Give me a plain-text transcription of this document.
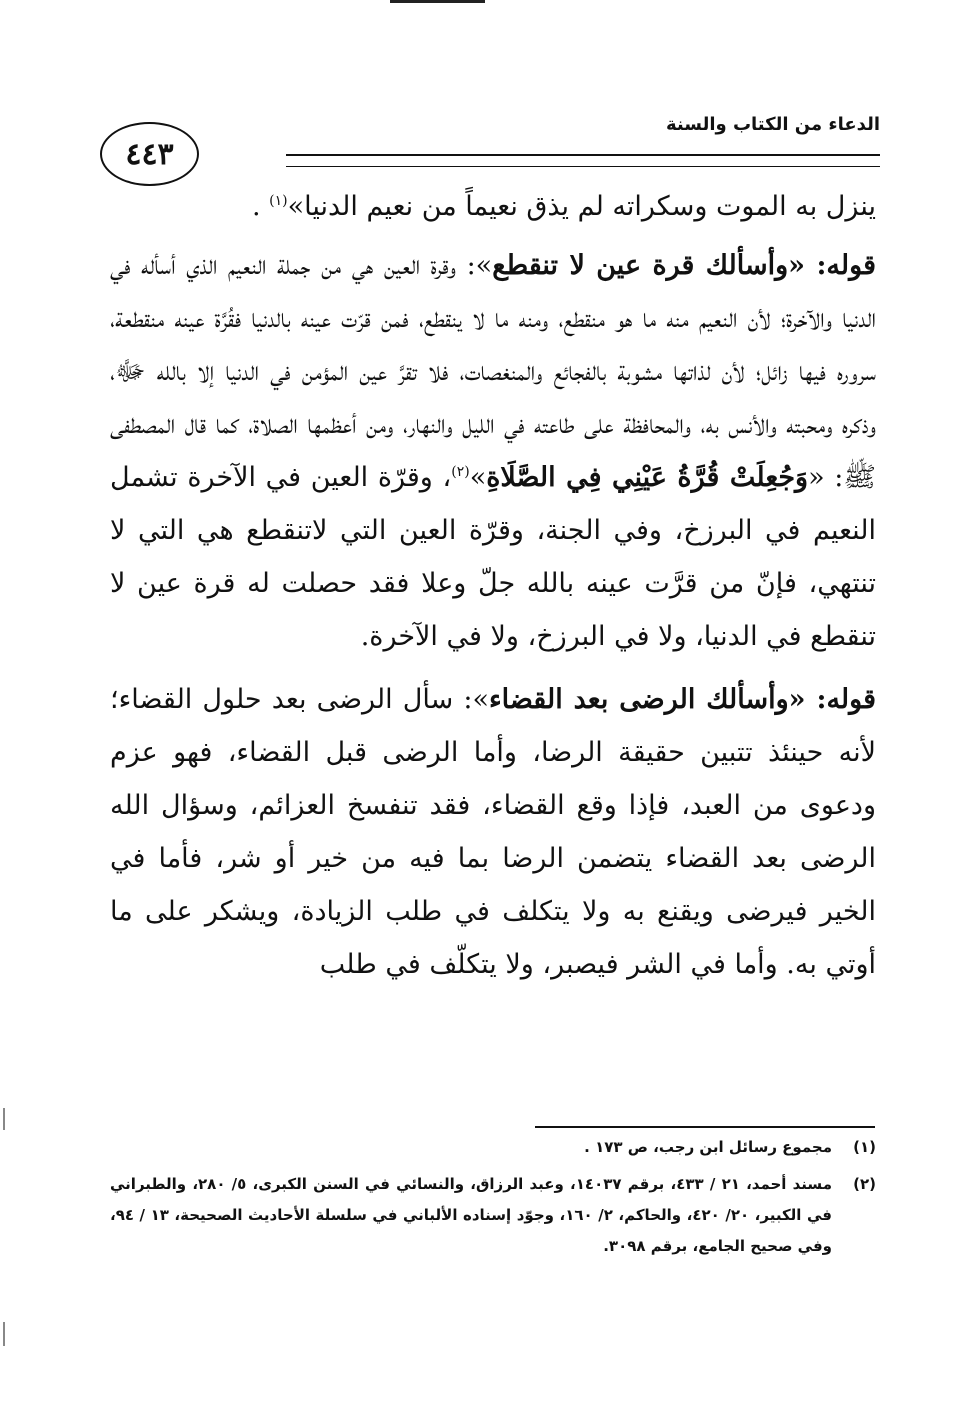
٤٤٣
الدعاء من الكتاب والسنة

ينزل به الموت وسكراته لم يذق نعيماً من نعيم الدنيا»$^{(١)}$ .

قوله: «وأسألك قرة عين لا تنقطع»: وقرة العين هي من جملة النعيم الذي أسأله في الدنيا والآخرة؛ لأن النعيم منه ما هو منقطع، ومنه ما لا ينقطع، فمن قرّت عينه بالدنيا فقُرَّة عينه منقطعة، سروره فيها زائل؛ لأن لذاتها مشوبة بالفجائع والمنغصات، فلا تقرَّ عين المؤمن في الدنيا إلا بالله ﷻ، وذكره ومحبته والأنس به، والمحافظة على طاعته في الليل والنهار، ومن أعظمها الصلاة، كما قال المصطفى ﷺ: «وَجُعِلَتْ قُرَّةُ عَيْنِي فِي الصَّلَاةِ»$^{(٢)}$، وقرّة العين في الآخرة تشمل النعيم في البرزخ، وفي الجنة، وقرّة العين التي لاتنقطع هي التي لا تنتهي، فإنّ من قرَّت عينه بالله جلّ وعلا فقد حصلت له قرة عين لا تنقطع في الدنيا، ولا في البرزخ، ولا في الآخرة.

قوله: «وأسألك الرضى بعد القضاء»: سأل الرضى بعد حلول القضاء؛ لأنه حينئذ تتبين حقيقة الرضا، وأما الرضى قبل القضاء، فهو عزم ودعوى من العبد، فإذا وقع القضاء، فقد تنفسخ العزائم، وسؤال الله الرضى بعد القضاء يتضمن الرضا بما فيه من خير أو شر، فأما في الخير فيرضى ويقنع به ولا يتكلف في طلب الزيادة، ويشكر على ما أوتي به. وأما في الشر فيصبر، ولا يتكلّف في طلب

(١)
مجموع رسائل ابن رجب، ص ١٧٣ .
(٢)
مسند أحمد، ٢١ / ٤٣٣، برقم ١٤٠٣٧، وعبد الرزاق، والنسائي في السنن الكبرى، ٥/ ٢٨٠، والطبراني في الكبير، ٢٠/ ٤٢٠، والحاكم، ٢/ ١٦٠، وجوّد إسناده الألباني في سلسلة الأحاديث الصحيحة، ١٣ / ٩٤، وفي صحيح الجامع، برقم ٣٠٩٨.
